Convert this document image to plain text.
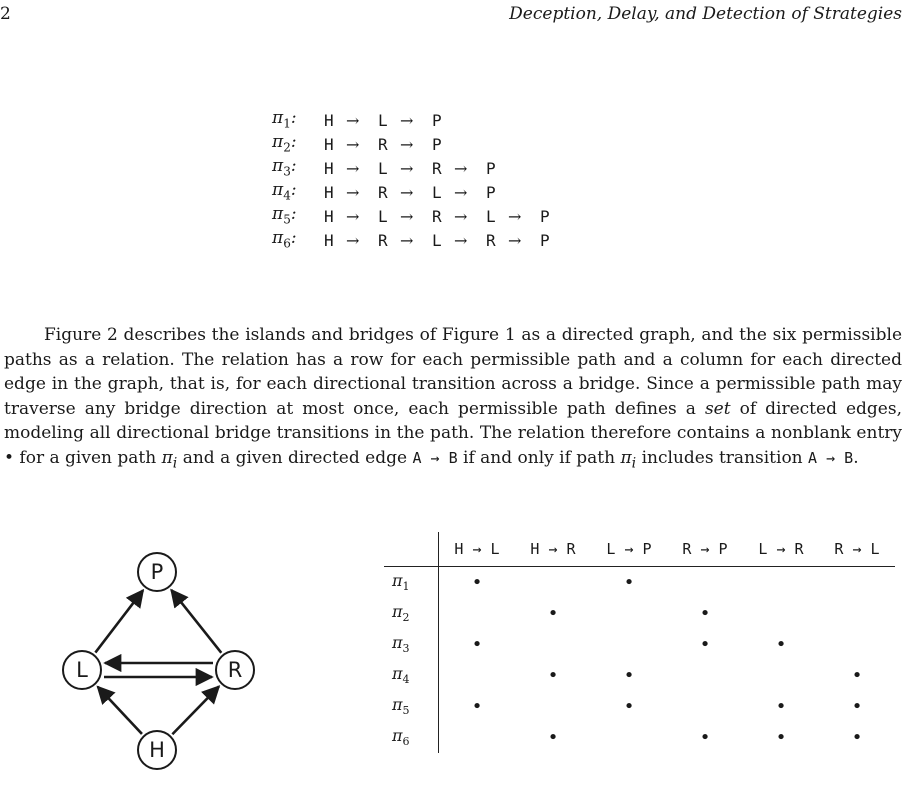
2	Deception, Delay, and Detection of Strategies
$\pi_1$:	H →	L →	P
$\pi_2$:	H →	R →	P
$\pi_3$:	H →	L →	R →	P
$\pi_4$:	H →	R →	L →	P
$\pi_5$:	H →	L →	R →	L →	P
$\pi_6$:	H →	R →	L →	R →	P

Figure 2 describes the islands and bridges of Figure 1 as a directed graph, and the six permissible paths as a relation. The relation has a row for each permissible path and a column for each directed edge in the graph, that is, for each directional transition across a bridge. Since a permissible path may traverse any bridge direction at most once, each permissible path defines a set of directed edges, modeling all directional bridge transitions in the path. The relation therefore contains a nonblank entry • for a given path $\pi_i$ and a given directed edge A → B if and only if path $\pi_i$ includes transition A → B.

P
L	R
H
	H → L	H → R	L → P	R → P	L → R	R → L
$\pi_1$	•		•			
$\pi_2$		•		•		
$\pi_3$	•			•	•	
$\pi_4$		•	•			•
$\pi_5$	•		•		•	•
$\pi_6$		•		•	•	•
